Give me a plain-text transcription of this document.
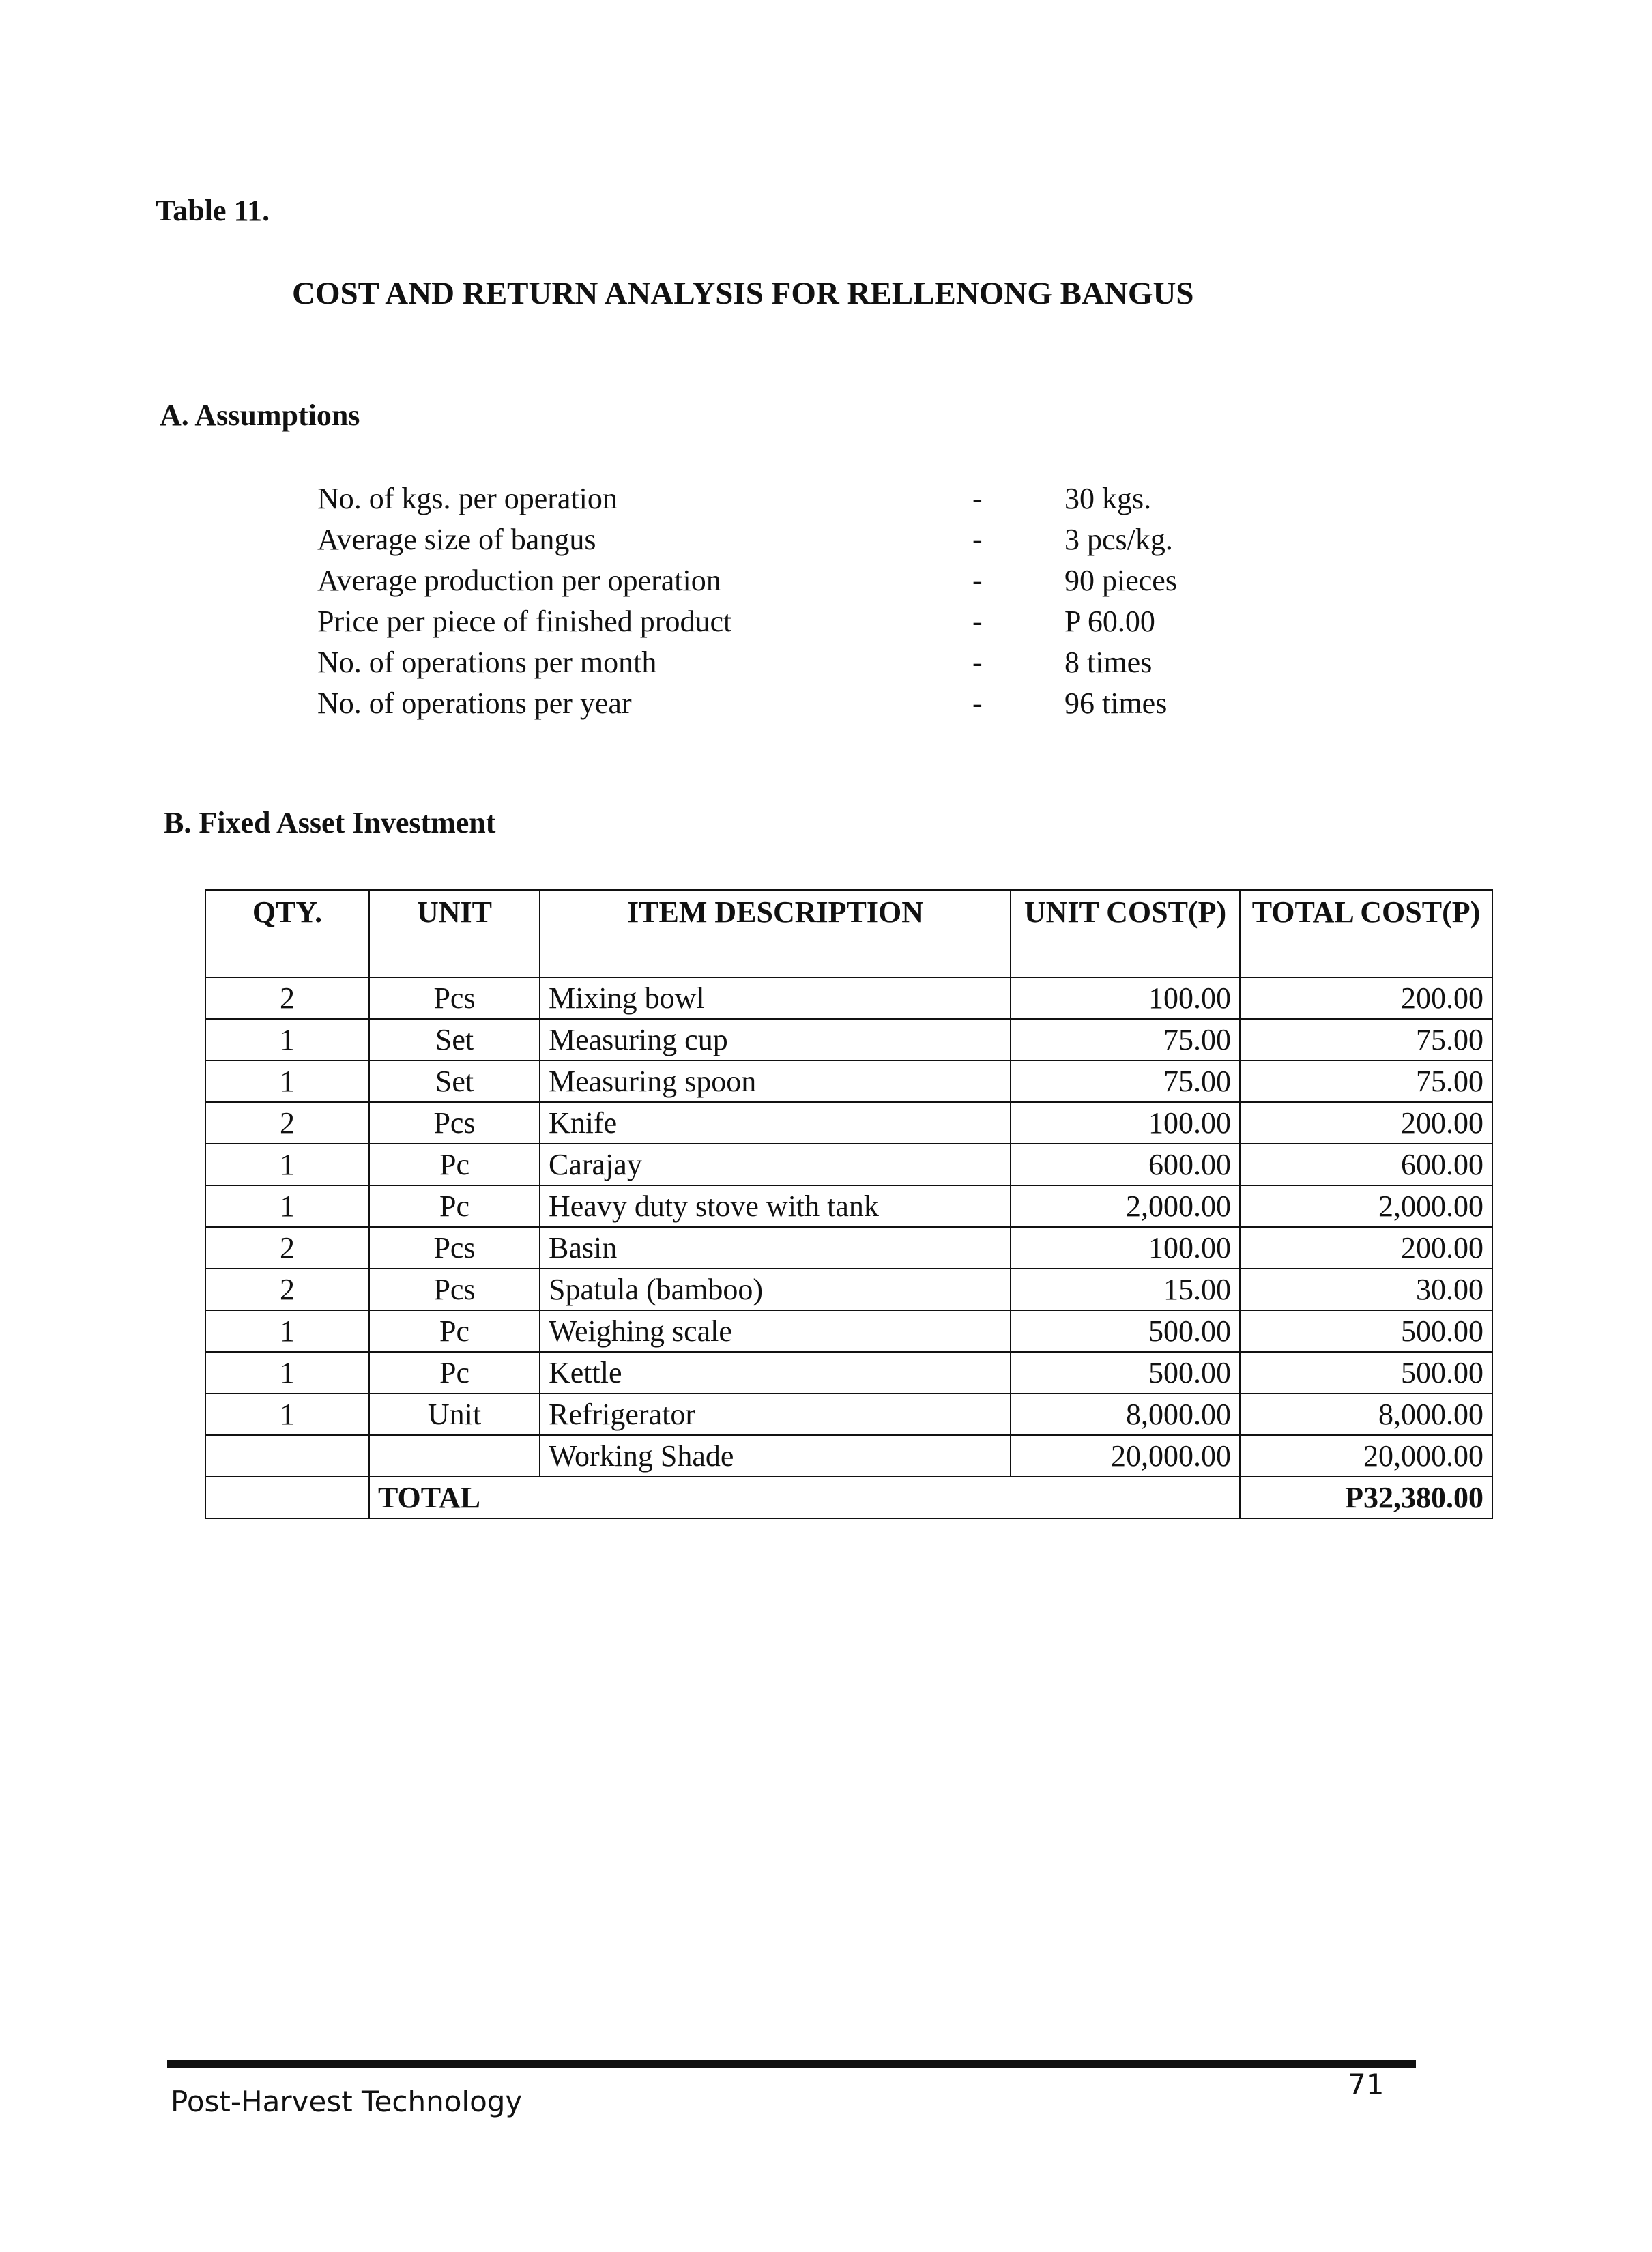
Table 11.
COST AND RETURN ANALYSIS FOR RELLENONG BANGUS
A. Assumptions
No. of kgs. per operation	-	30 kgs.
Average size of bangus	-	3 pcs/kg.
Average production per operation	-	90 pieces
Price per piece of finished product	-	P 60.00
No. of operations per month	-	8 times
No. of operations per year	-	96 times
B. Fixed Asset Investment
QTY.	UNIT	ITEM DESCRIPTION	UNIT COST(P)	TOTAL COST(P)
2	Pcs	Mixing bowl	100.00	200.00
1	Set	Measuring cup	75.00	75.00
1	Set	Measuring spoon	75.00	75.00
2	Pcs	Knife	100.00	200.00
1	Pc	Carajay	600.00	600.00
1	Pc	Heavy duty stove with tank	2,000.00	2,000.00
2	Pcs	Basin	100.00	200.00
2	Pcs	Spatula (bamboo)	15.00	30.00
1	Pc	Weighing scale	500.00	500.00
1	Pc	Kettle	500.00	500.00
1	Unit	Refrigerator	8,000.00	8,000.00
		Working Shade	20,000.00	20,000.00
	TOTAL			P32,380.00
Post-Harvest Technology
71
